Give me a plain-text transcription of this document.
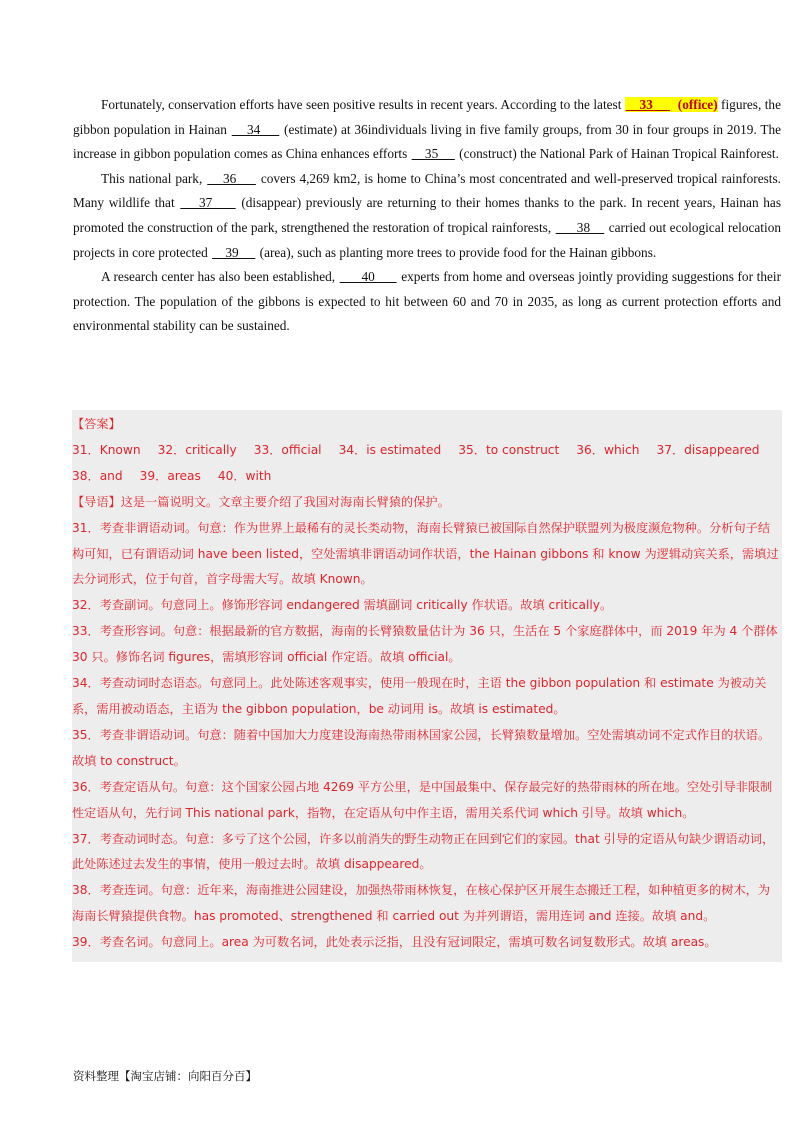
Fortunately, conservation efforts have seen positive results in recent years. According to the latest     33       (office) figures, the gibbon population in Hainan     34      (estimate) at 36individuals living in five family groups, from 30 in four groups in 2019. The increase in gibbon population comes as China enhances efforts     35      (construct) the National Park of Hainan Tropical Rainforest.

This national park,     36      covers 4,269 km2, is home to China’s most concentrated and well-preserved tropical rainforests. Many wildlife that     37      (disappear) previously are returning to their homes thanks to the park. In recent years, Hainan has promoted the construction of the park, strengthened the restoration of tropical rainforests,       38     carried out ecological relocation projects in core protected     39      (area), such as planting more trees to provide food for the Hainan gibbons.

A research center has also been established,       40       experts from home and overseas jointly providing suggestions for their protection. The population of the gibbons is expected to hit between 60 and 70 in 2035, as long as current protection efforts and environmental stability can be sustained.

【答案】

31．Known 32．critically 33．official 34．is estimated 35．to construct 36．which 37．disappeared
38．and 39．areas 40．with

【导语】这是一篇说明文。文章主要介绍了我国对海南长臂猿的保护。

31．考查非谓语动词。句意：作为世界上最稀有的灵长类动物，海南长臂猿已被国际自然保护联盟列为极度濒危物种。分析句子结构可知，已有谓语动词 have been listed，空处需填非谓语动词作状语，the Hainan gibbons 和 know 为逻辑动宾关系，需填过去分词形式，位于句首，首字母需大写。故填 Known。

32．考查副词。句意同上。修饰形容词 endangered 需填副词 critically 作状语。故填 critically。

33．考查形容词。句意：根据最新的官方数据，海南的长臂猿数量估计为 36 只，生活在 5 个家庭群体中，而 2019 年为 4 个群体 30 只。修饰名词 figures，需填形容词 official 作定语。故填 official。

34．考查动词时态语态。句意同上。此处陈述客观事实，使用一般现在时，主语 the gibbon population 和 estimate 为被动关系，需用被动语态，主语为 the gibbon population，be 动词用 is。故填 is estimated。

35．考查非谓语动词。句意：随着中国加大力度建设海南热带雨林国家公园，长臂猿数量增加。空处需填动词不定式作目的状语。故填 to construct。

36．考查定语从句。句意：这个国家公园占地 4269 平方公里，是中国最集中、保存最完好的热带雨林的所在地。空处引导非限制性定语从句，先行词 This national park，指物，在定语从句中作主语，需用关系代词 which 引导。故填 which。

37．考查动词时态。句意：多亏了这个公园，许多以前消失的野生动物正在回到它们的家园。that 引导的定语从句缺少谓语动词，此处陈述过去发生的事情，使用一般过去时。故填 disappeared。

38．考查连词。句意：近年来，海南推进公园建设，加强热带雨林恢复，在核心保护区开展生态搬迁工程，如种植更多的树木，为海南长臂猿提供食物。has promoted、strengthened 和 carried out 为并列谓语，需用连词 and 连接。故填 and。

39．考查名词。句意同上。area 为可数名词，此处表示泛指，且没有冠词限定，需填可数名词复数形式。故填 areas。

资料整理【淘宝店铺：向阳百分百】
